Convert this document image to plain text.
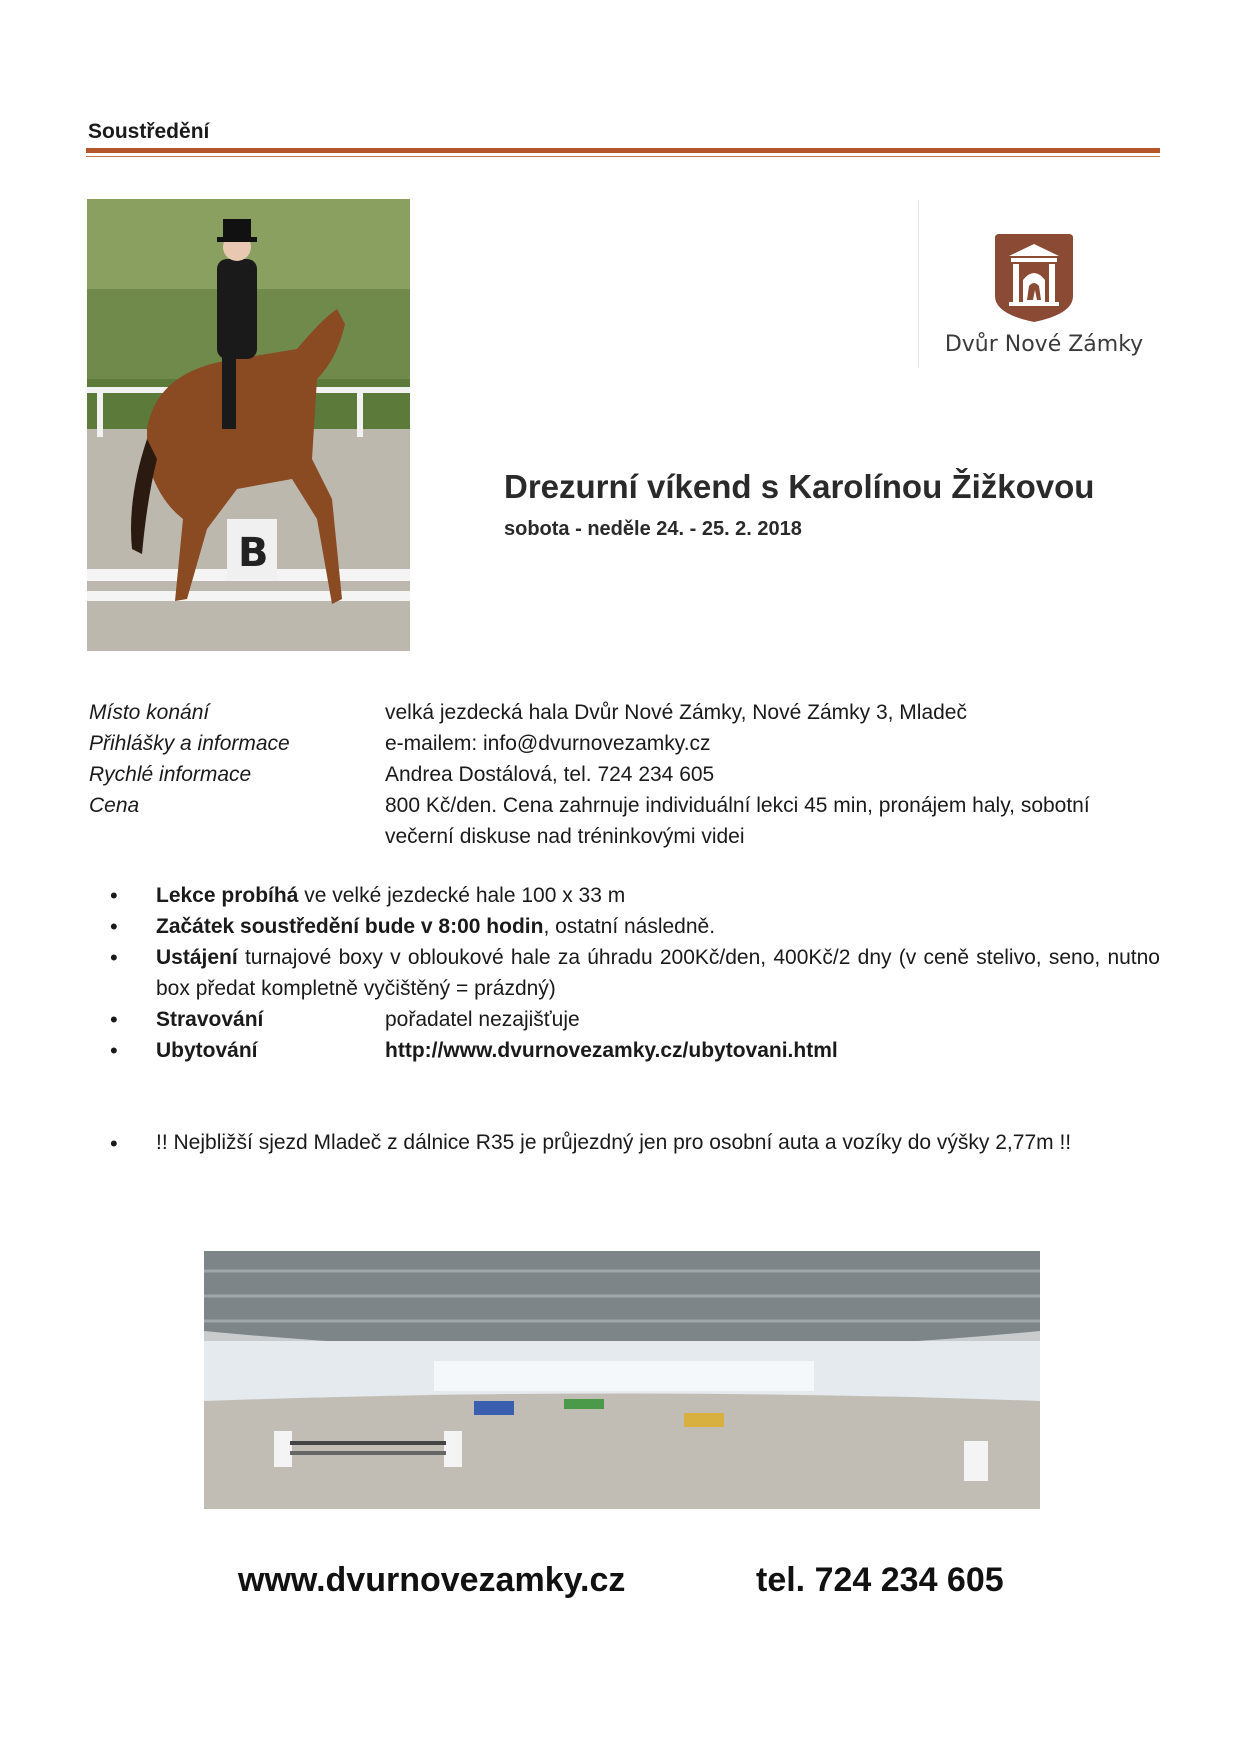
Soustředění
B
Dvůr Nové Zámky
Drezurní víkend s Karolínou Žižkovou
sobota - neděle 24. - 25. 2. 2018
Místo konání	velká jezdecká hala Dvůr Nové Zámky, Nové Zámky 3, Mladeč
Přihlášky a informace	e-mailem: info@dvurnovezamky.cz
Rychlé informace	Andrea Dostálová, tel. 724 234 605
Cena	800 Kč/den. Cena zahrnuje individuální lekci 45 min, pronájem haly, sobotní večerní diskuse nad tréninkovými videi
•	Lekce probíhá ve velké jezdecké hale 100 x 33 m
•	Začátek soustředění bude v 8:00 hodin, ostatní následně.
•	Ustájení turnajové boxy v obloukové hale za úhradu 200Kč/den, 400Kč/2 dny (v ceně stelivo, seno, nutno box předat kompletně vyčištěný = prázdný)
•	Stravování	pořadatel nezajišťuje
•	Ubytování	http://www.dvurnovezamky.cz/ubytovani.html
•	!! Nejbližší sjezd Mladeč z dálnice R35 je průjezdný jen pro osobní auta a vozíky do výšky 2,77m !!
www.dvurnovezamky.cz	tel. 724 234 605
